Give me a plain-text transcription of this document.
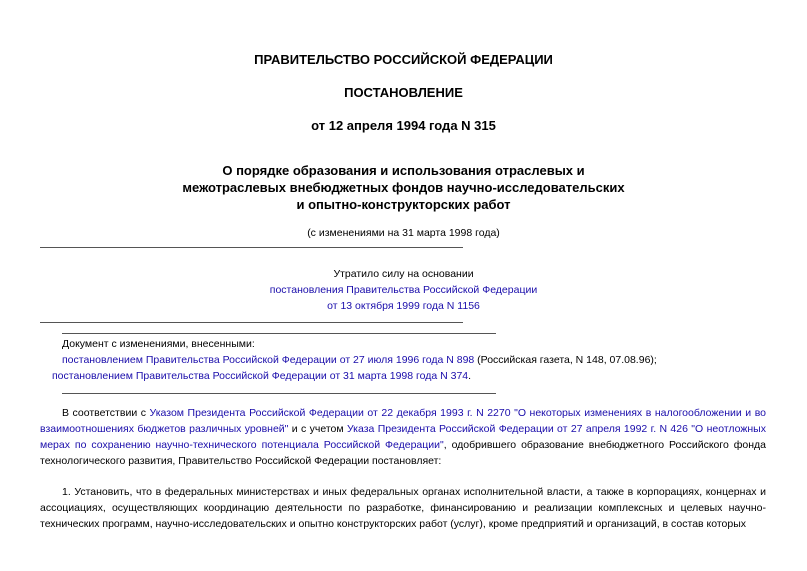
ПРАВИТЕЛЬСТВО РОССИЙСКОЙ ФЕДЕРАЦИИ
ПОСТАНОВЛЕНИЕ
от 12 апреля 1994 года N 315
О порядке образования и использования отраслевых и
межотраслевых внебюджетных фондов научно-исследовательских
и опытно-конструкторских работ
(с изменениями на 31 марта 1998 года)
Утратило силу на основании
постановления Правительства Российской Федерации
от 13 октября 1999 года N 1156
Документ с изменениями, внесенными:
постановлением Правительства Российской Федерации от 27 июля 1996 года N 898 (Российская газета, N 148, 07.08.96);
постановлением Правительства Российской Федерации от 31 марта 1998 года N 374.

В соответствии с Указом Президента Российской Федерации от 22 декабря 1993 г. N 2270 "О некоторых изменениях в налогообложении и во взаимоотношениях бюджетов различных уровней" и с учетом Указа Президента Российской Федерации от 27 апреля 1992 г. N 426 "О неотложных мерах по сохранению научно-технического потенциала Российской Федерации", одобрившего образование внебюджетного Российского фонда технологического развития, Правительство Российской Федерации постановляет:

1. Установить, что в федеральных министерствах и иных федеральных органах исполнительной власти, а также в корпорациях, концернах и ассоциациях, осуществляющих координацию деятельности по разработке, финансированию и реализации комплексных и целевых научно-технических программ, научно-исследовательских и опытно конструкторских работ (услуг), кроме предприятий и организаций, в состав которых
